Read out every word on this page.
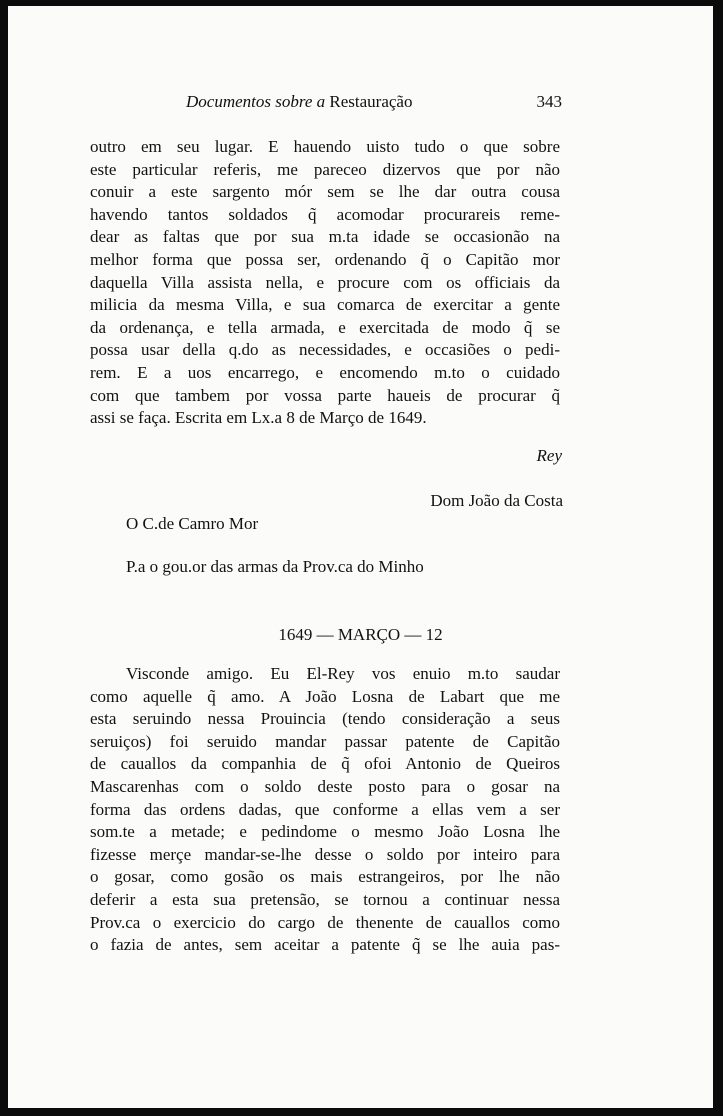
Documentos sobre a Restauração	343
outro em seu lugar. E hauendo uisto tudo o que sobre
este particular referis, me pareceo dizervos que por não
conuir a este sargento mór sem se lhe dar outra cousa
havendo tantos soldados q̃ acomodar procurareis reme-
dear as faltas que por sua m.ta idade se occasionão na
melhor forma que possa ser, ordenando q̃ o Capitão mor
daquella Villa assista nella, e procure com os officiais da
milicia da mesma Villa, e sua comarca de exercitar a gente
da ordenança, e tella armada, e exercitada de modo q̃ se
possa usar della q.do as necessidades, e occasiões o pedi-
rem. E a uos encarrego, e encomendo m.to o cuidado
com que tambem por vossa parte haueis de procurar q̃
assi se faça. Escrita em Lx.a 8 de Março de 1649.
Rey
Dom João da Costa
O C.de Camro Mor
P.a o gou.or das armas da Prov.ca do Minho
1649 — MARÇO — 12
Visconde amigo. Eu El-Rey vos enuio m.to saudar
como aquelle q̃ amo. A João Losna de Labart que me
esta seruindo nessa Prouincia (tendo consideração a seus
seruiços) foi seruido mandar passar patente de Capitão
de cauallos da companhia de q̃ ofoi Antonio de Queiros
Mascarenhas com o soldo deste posto para o gosar na
forma das ordens dadas, que conforme a ellas vem a ser
som.te a metade; e pedindome o mesmo João Losna lhe
fizesse merçe mandar-se-lhe desse o soldo por inteiro para
o gosar, como gosão os mais estrangeiros, por lhe não
deferir a esta sua pretensão, se tornou a continuar nessa
Prov.ca o exercicio do cargo de thenente de cauallos como
o fazia de antes, sem aceitar a patente q̃ se lhe auia pas-
